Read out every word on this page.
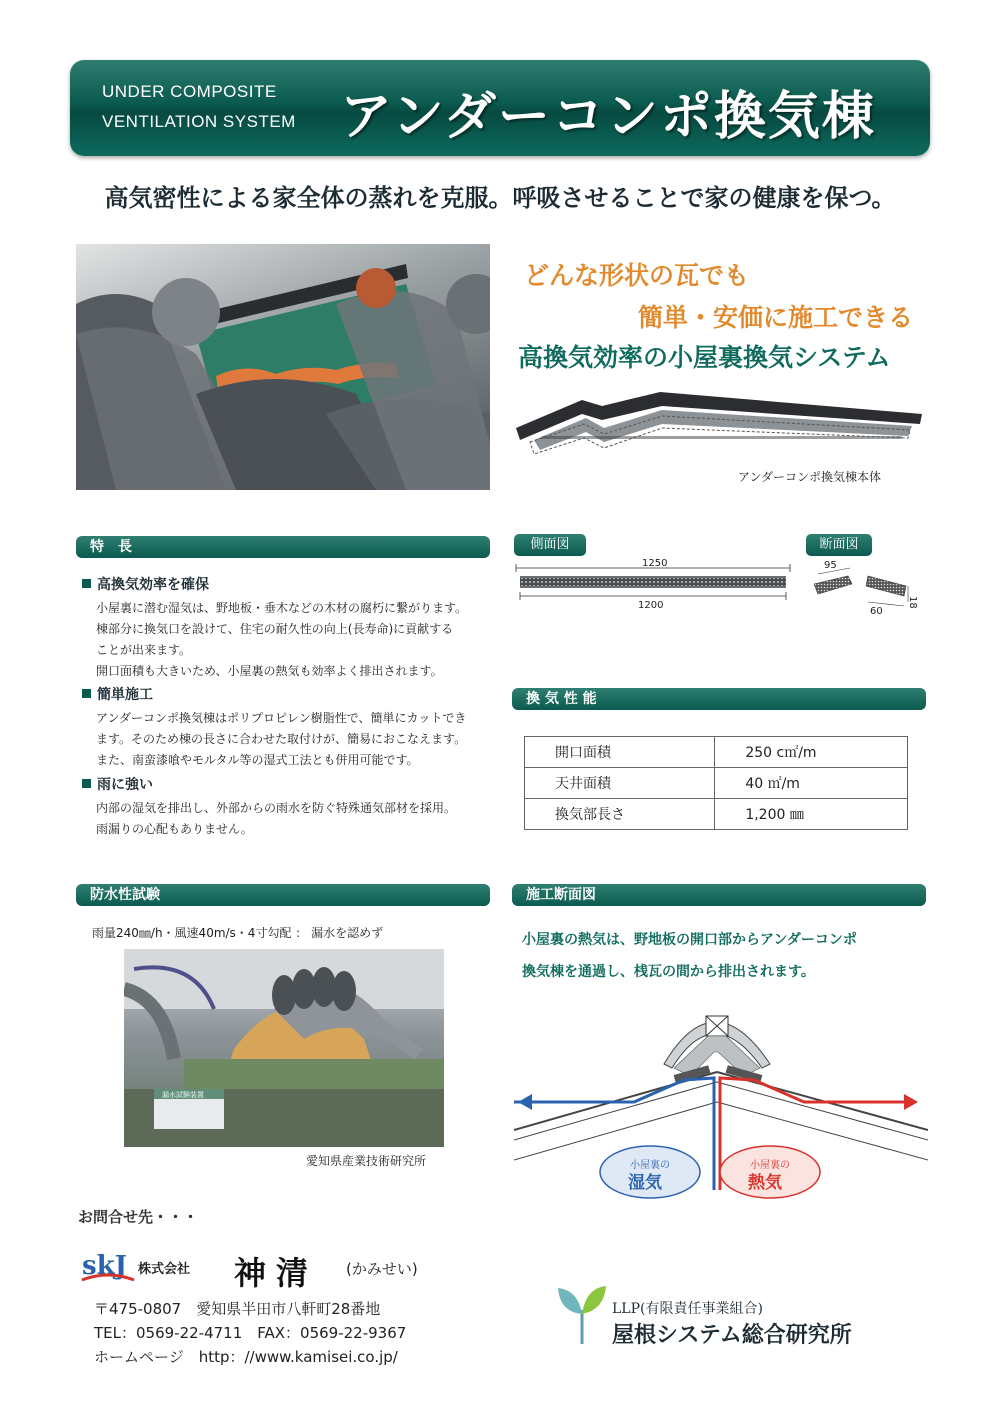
UNDER COMPOSITE
VENTILATION SYSTEM アンダーコンポ換気棟
高気密性による家全体の蒸れを克服。呼吸させることで家の健康を保つ。
どんな形状の瓦でも
簡単・安価に施工できる
高換気効率の小屋裏換気システム
アンダーコンポ換気棟本体
特　長
高換気効率を確保
小屋裏に潜む湿気は、野地板・垂木などの木材の腐朽に繋がります。
棟部分に換気口を設けて、住宅の耐久性の向上(長寿命)に貢献する
ことが出来ます。
開口面積も大きいため、小屋裏の熱気も効率よく排出されます。
簡単施工
アンダーコンポ換気棟はポリプロピレン樹脂性で、簡単にカットでき
ます。そのため棟の長さに合わせた取付けが、簡易におこなえます。
また、南蛮漆喰やモルタル等の湿式工法とも併用可能です。
雨に強い
内部の湿気を排出し、外部からの雨水を防ぐ特殊通気部材を採用。
雨漏りの心配もありません。
側面図	断面図
1250
1200
95
18
60
換 気 性 能
開口面積	250 c㎡/m
天井面積	40 ㎡/m
換気部長さ	1,200 ㎜
防水性試験
雨量240㎜/h・風速40m/s・4寸勾配 ： 漏水を認めず
漏水試験装置
愛知県産業技術研究所
施工断面図
小屋裏の熱気は、野地板の開口部からアンダーコンポ
換気棟を通過し、桟瓦の間から排出されます。
小屋裏の
湿気
小屋裏の
熱気
お問合せ先・・・
skJ 株式会社 神清 (かみせい)
〒475-0807　愛知県半田市八軒町28番地
TEL：0569-22-4711　FAX：0569-22-9367
ホームページ　http：//www.kamisei.co.jp/
LLP(有限責任事業組合)
屋根システム総合研究所
